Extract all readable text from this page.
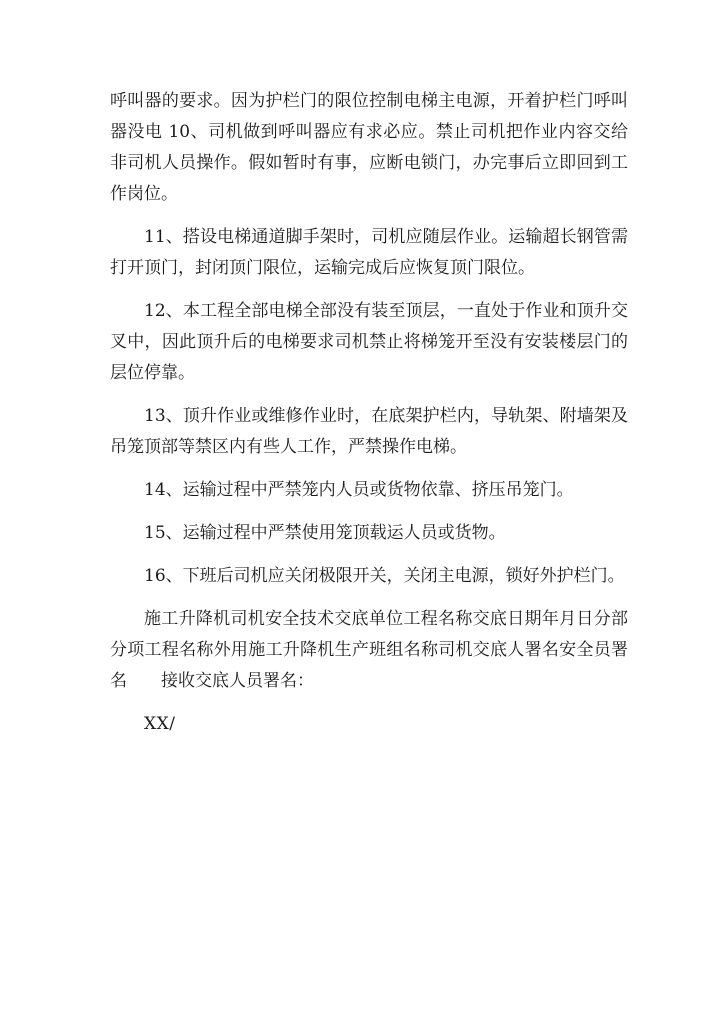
呼叫器的要求。因为护栏门的限位控制电梯主电源，开着护栏门呼叫器没电 10、司机做到呼叫器应有求必应。禁止司机把作业内容交给非司机人员操作。假如暂时有事，应断电锁门，办完事后立即回到工作岗位。

11、搭设电梯通道脚手架时，司机应随层作业。运输超长钢管需打开顶门，封闭顶门限位，运输完成后应恢复顶门限位。

12、本工程全部电梯全部没有装至顶层，一直处于作业和顶升交叉中，因此顶升后的电梯要求司机禁止将梯笼开至没有安装楼层门的层位停靠。

13、顶升作业或维修作业时，在底架护栏内，导轨架、附墙架及吊笼顶部等禁区内有些人工作，严禁操作电梯。

14、运输过程中严禁笼内人员或货物依靠、挤压吊笼门。

15、运输过程中严禁使用笼顶载运人员或货物。

16、下班后司机应关闭极限开关，关闭主电源，锁好外护栏门。

施工升降机司机安全技术交底单位工程名称交底日期年月日分部分项工程名称外用施工升降机生产班组名称司机交底人署名安全员署名　　接收交底人员署名：

XX/
